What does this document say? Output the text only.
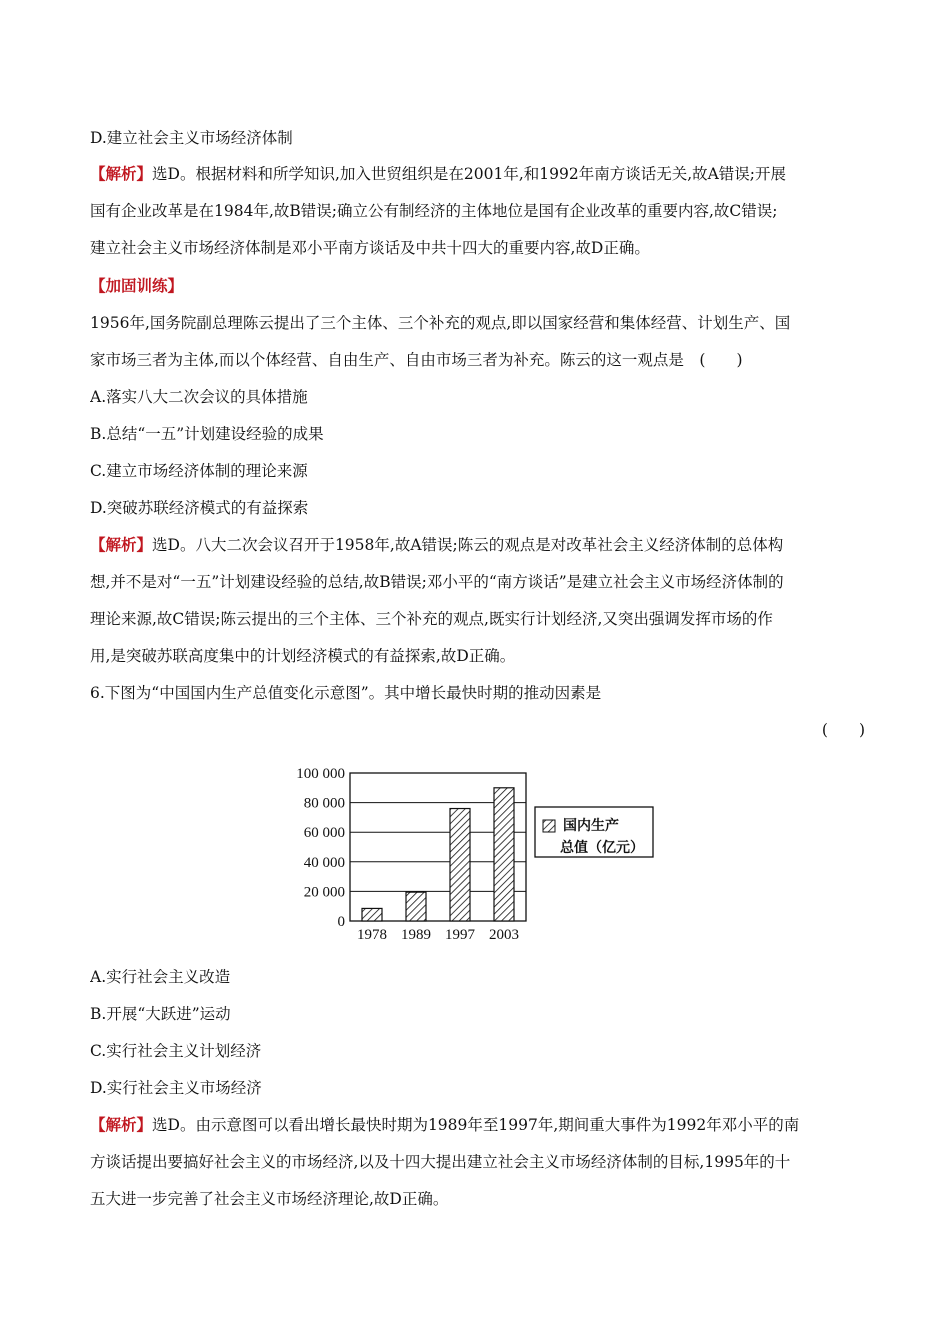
D.建立社会主义市场经济体制
【解析】选D。根据材料和所学知识,加入世贸组织是在2001年,和1992年南方谈话无关,故A错误;开展
国有企业改革是在1984年,故B错误;确立公有制经济的主体地位是国有企业改革的重要内容,故C错误;
建立社会主义市场经济体制是邓小平南方谈话及中共十四大的重要内容,故D正确。
【加固训练】
1956年,国务院副总理陈云提出了三个主体、三个补充的观点,即以国家经营和集体经营、计划生产、国
家市场三者为主体,而以个体经营、自由生产、自由市场三者为补充。陈云的这一观点是　(　　)
A.落实八大二次会议的具体措施
B.总结“一五”计划建设经验的成果
C.建立市场经济体制的理论来源
D.突破苏联经济模式的有益探索
【解析】选D。八大二次会议召开于1958年,故A错误;陈云的观点是对改革社会主义经济体制的总体构
想,并不是对“一五”计划建设经验的总结,故B错误;邓小平的“南方谈话”是建立社会主义市场经济体制的
理论来源,故C错误;陈云提出的三个主体、三个补充的观点,既实行计划经济,又突出强调发挥市场的作
用,是突破苏联高度集中的计划经济模式的有益探索,故D正确。
6.下图为“中国国内生产总值变化示意图”。其中增长最快时期的推动因素是
(　　)
0
20 000
40 000
60 000
80 000
100 000
1978 1989 1997 2003
国内生产
总值（亿元）
A.实行社会主义改造
B.开展“大跃进”运动
C.实行社会主义计划经济
D.实行社会主义市场经济
【解析】选D。由示意图可以看出增长最快时期为1989年至1997年,期间重大事件为1992年邓小平的南
方谈话提出要搞好社会主义的市场经济,以及十四大提出建立社会主义市场经济体制的目标,1995年的十
五大进一步完善了社会主义市场经济理论,故D正确。
